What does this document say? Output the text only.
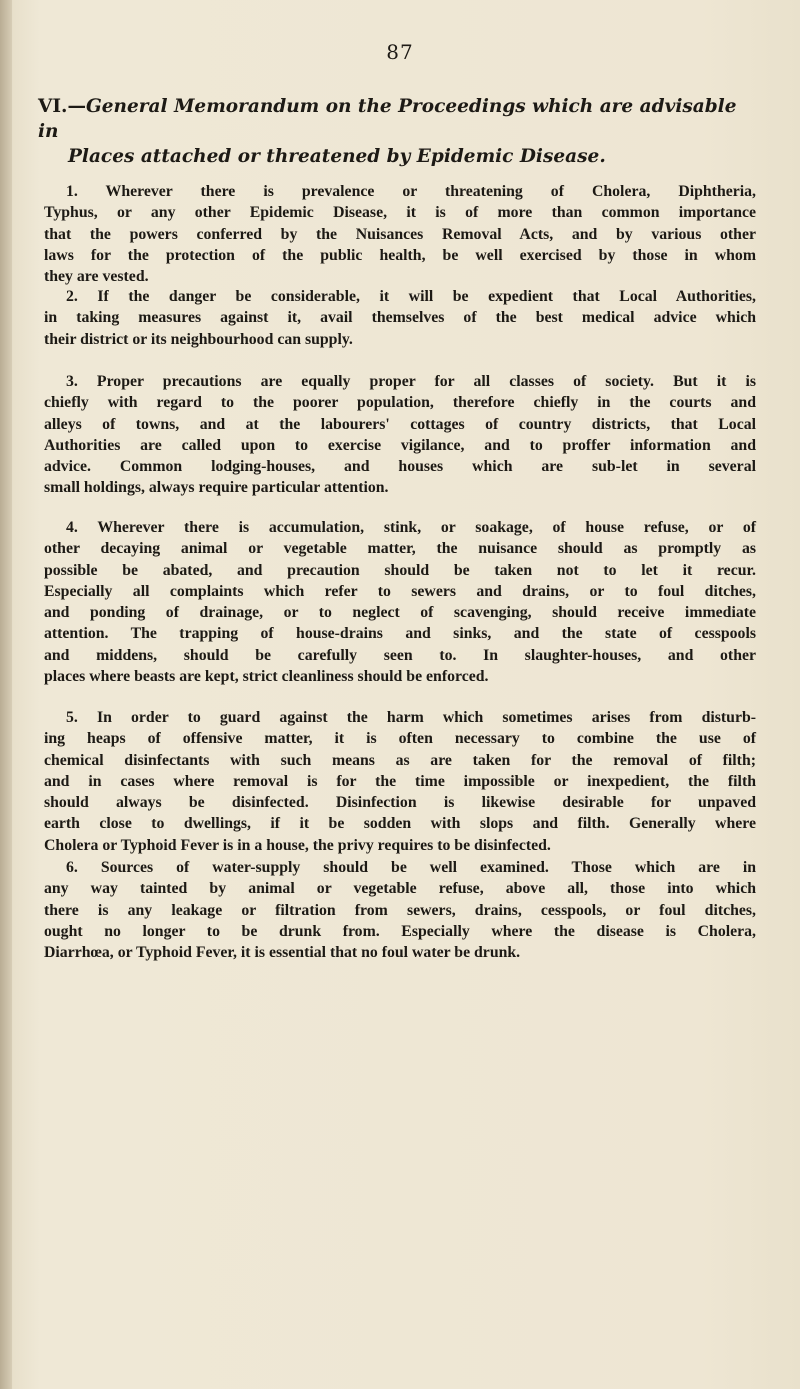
87
VI.—General Memorandum on the Proceedings which are advisable in
Places attached or threatened by Epidemic Disease.
1. Wherever there is prevalence or threatening of Cholera, Diphtheria,
Typhus, or any other Epidemic Disease, it is of more than common importance
that the powers conferred by the Nuisances Removal Acts, and by various other
laws for the protection of the public health, be well exercised by those in whom
they are vested.
2. If the danger be considerable, it will be expedient that Local Authorities,
in taking measures against it, avail themselves of the best medical advice which
their district or its neighbourhood can supply.
3. Proper precautions are equally proper for all classes of society. But it is
chiefly with regard to the poorer population, therefore chiefly in the courts and
alleys of towns, and at the labourers' cottages of country districts, that Local
Authorities are called upon to exercise vigilance, and to proffer information and
advice. Common lodging-houses, and houses which are sub-let in several
small holdings, always require particular attention.
4. Wherever there is accumulation, stink, or soakage, of house refuse, or of
other decaying animal or vegetable matter, the nuisance should as promptly as
possible be abated, and precaution should be taken not to let it recur.
Especially all complaints which refer to sewers and drains, or to foul ditches,
and ponding of drainage, or to neglect of scavenging, should receive immediate
attention. The trapping of house-drains and sinks, and the state of cesspools
and middens, should be carefully seen to. In slaughter-houses, and other
places where beasts are kept, strict cleanliness should be enforced.
5. In order to guard against the harm which sometimes arises from disturb-
ing heaps of offensive matter, it is often necessary to combine the use of
chemical disinfectants with such means as are taken for the removal of filth;
and in cases where removal is for the time impossible or inexpedient, the filth
should always be disinfected. Disinfection is likewise desirable for unpaved
earth close to dwellings, if it be sodden with slops and filth. Generally where
Cholera or Typhoid Fever is in a house, the privy requires to be disinfected.
6. Sources of water-supply should be well examined. Those which are in
any way tainted by animal or vegetable refuse, above all, those into which
there is any leakage or filtration from sewers, drains, cesspools, or foul ditches,
ought no longer to be drunk from. Especially where the disease is Cholera,
Diarrhœa, or Typhoid Fever, it is essential that no foul water be drunk.
